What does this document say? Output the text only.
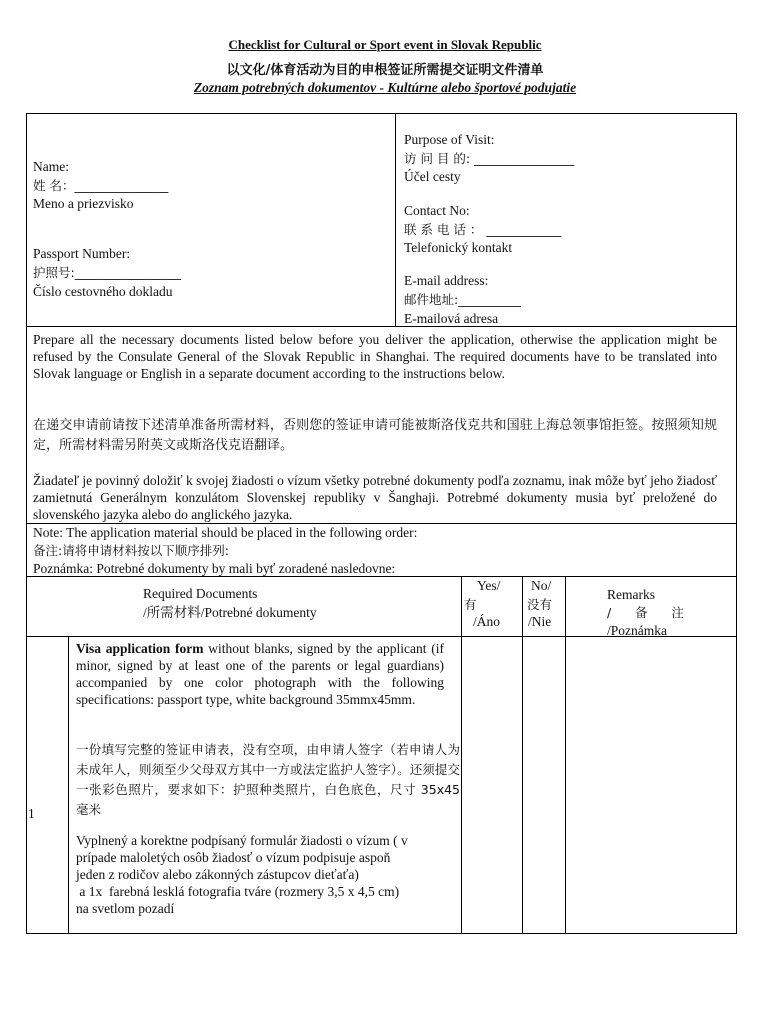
Checklist for Cultural or Sport event in Slovak Republic
以文化/体育活动为目的申根签证所需提交证明文件清单
Zoznam potrebných dokumentov - Kultúrne alebo športové podujatie
Name:
姓 名：_______________
Meno a priezvisko
Passport Number:
护照号:_________________
Číslo cestovného dokladu
Purpose of Visit:
访 问 目 的: ________________
Účel cesty
Contact No:
联 系 电 话 ： ____________
Telefonický kontakt
E-mail address:
邮件地址:__________
E-mailová adresa

Prepare all the necessary documents listed below before you deliver the application, otherwise the application might be refused by the Consulate General of the Slovak Republic in Shanghai. The required documents have to be translated into Slovak language or English in a separate document according to the instructions below.

在递交申请前请按下述清单准备所需材料，否则您的签证申请可能被斯洛伐克共和国驻上海总领事馆拒签。按照须知规定，所需材料需另附英文或斯洛伐克语翻译。

Žiadateľ je povinný doložiť k svojej žiadosti o vízum všetky potrebné dokumenty podľa zoznamu, inak môže byť jeho žiadosť zamietnutá Generálnym konzulátom Slovenskej republiky v Šanghaji. Potrebmé dokumenty musia byť preložené do slovenského jazyka alebo do anglického jazyka.

Note: The application material should be placed in the following order:
备注:请将申请材料按以下顺序排列:
Poznámka: Potrebné dokumenty by mali byť zoradené nasledovne:
Required Documents
/所需材料/Potrebné dokumenty
Yes/
有
/Áno
No/
没有
/Nie
Remarks
/      备      注
/Poznámka
1

Visa application form without blanks, signed by the applicant (if minor, signed by at least one of the parents or legal guardians) accompanied by one color photograph with the following specifications: passport type, white background 35mmx45mm.

一份填写完整的签证申请表，没有空项，由申请人签字（若申请人为未成年人，则须至少父母双方其中一方或法定监护人签字）。还须提交一张彩色照片，要求如下：护照种类照片，白色底色，尺寸 35x45 毫米

Vyplnený a korektne podpísaný formulár žiadosti o vízum ( v
prípade maloletých osôb žiadosť o vízum podpisuje aspoň
jeden z rodičov alebo zákonných zástupcov dieťaťa)
a 1x  farebná lesklá fotografia tváre (rozmery 3,5 x 4,5 cm)
na svetlom pozadí
